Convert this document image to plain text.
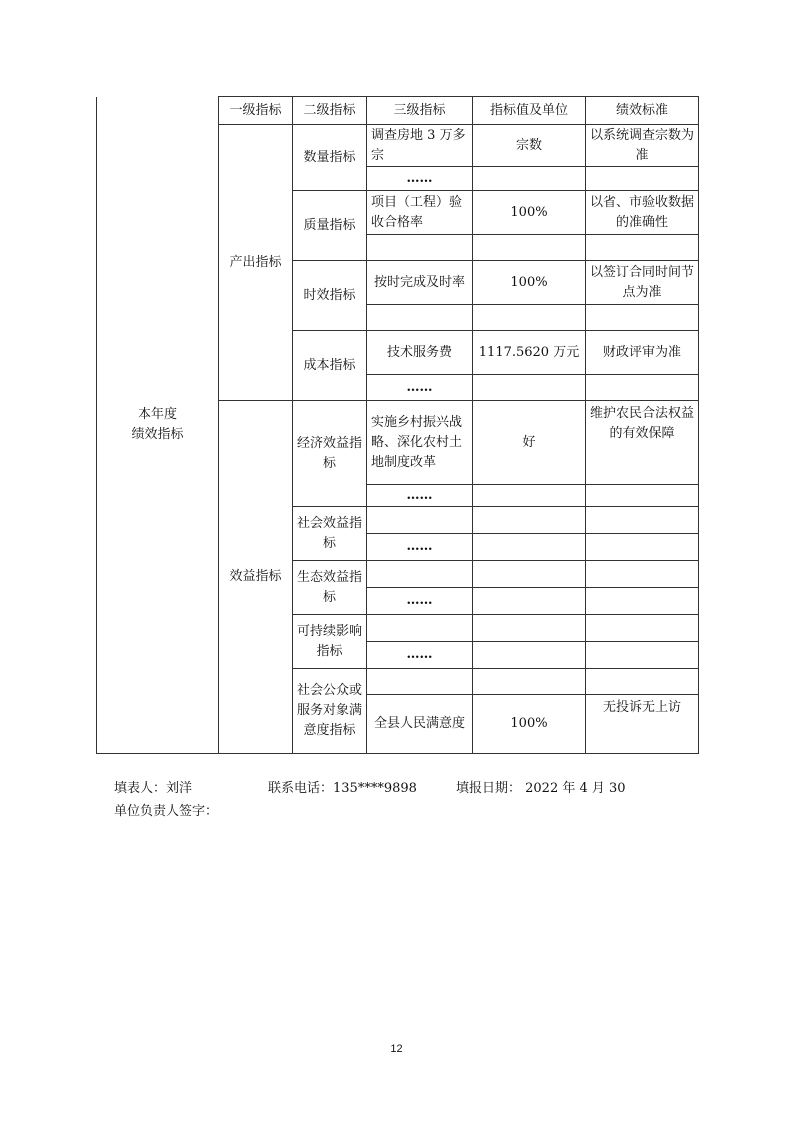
本年度
绩效指标	一级指标	二级指标	三级指标	指标值及单位	绩效标准
	产出指标	数量指标	调查房地 3 万多宗	宗数	以系统调查宗数为准
			……		
		质量指标	项目（工程）验收合格率	100%	以省、市验收数据的准确性

		时效指标	按时完成及时率	100%	以签订合同时间节点为准

		成本指标	技术服务费	1117.5620 万元	财政评审为准
			……		
	效益指标	经济效益指标	实施乡村振兴战略、深化农村土地制度改革	好	维护农民合法权益的有效保障
			……		
		社会效益指标			
			……		
		生态效益指标			
			……		
		可持续影响指标			
			……		
		社会公众或服务对象满意度指标			
			全县人民满意度	100%	无投诉无上访
填表人：刘洋	联系电话：135****9898	填报日期： 2022 年 4 月 30
单位负责人签字：
12
